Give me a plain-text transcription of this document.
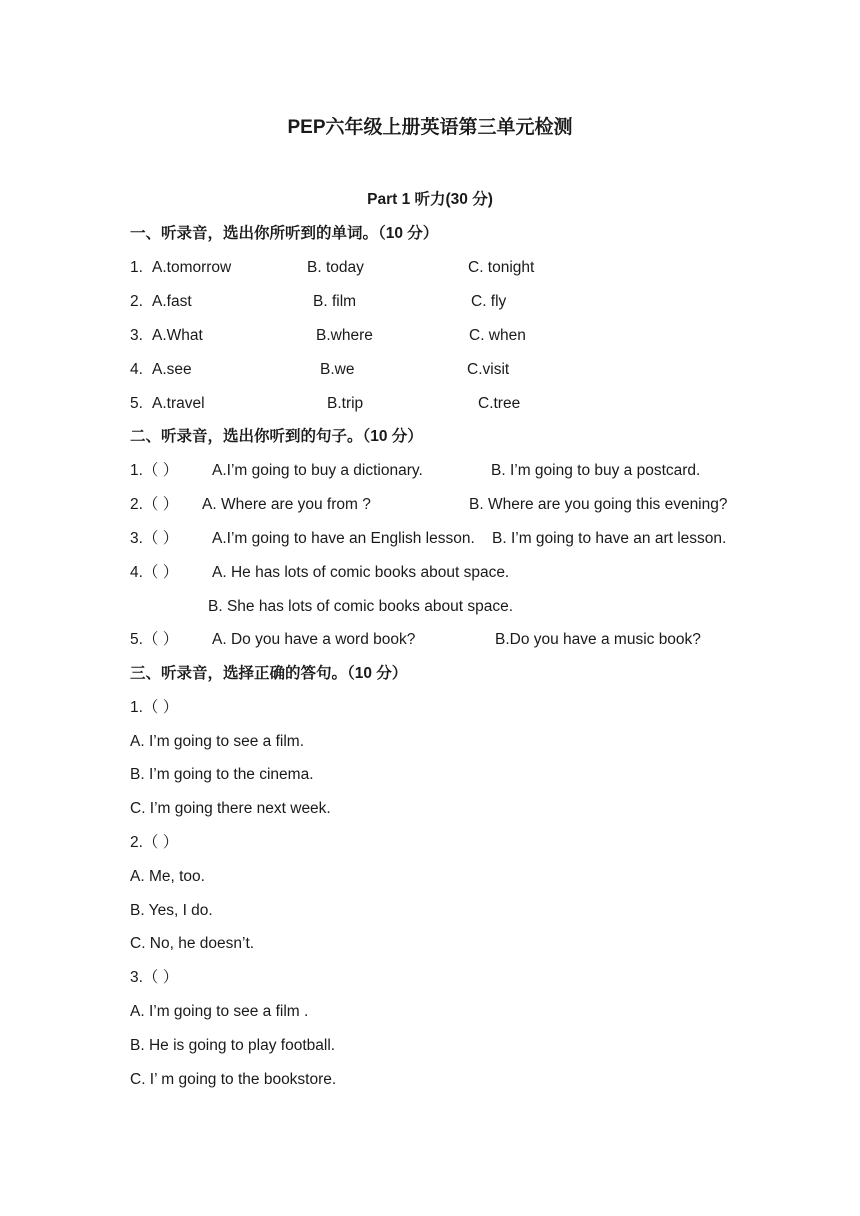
PEP六年级上册英语第三单元检测
Part 1 听力(30 分)
一、听录音，选出你所听到的单词。（10 分）
1. A.tomorrow	B. today	C. tonight
2. A.fast	B. film	C. fly
3. A.What	B.where	C. when
4. A.see	B.we	C.visit
5. A.travel	B.trip	C.tree
二、听录音，选出你听到的句子。（10 分）
1.（ ） A.I’m going to buy a dictionary.	B. I’m going to buy a postcard.
2.（ ） A. Where are you from ?	B. Where are you going this evening?
3.（ ） A.I’m going to have an English lesson. B. I’m going to have an art lesson.
4.（ ） A. He has lots of comic books about space.
B. She has lots of comic books about space.
5.（ ） A. Do you have a word book?	B.Do you have a music book?
三、听录音，选择正确的答句。（10 分）
1.（ ）
A. I’m going to see a film.
B. I’m going to the cinema.
C. I’m going there next week.
2.（ ）
A. Me, too.
B. Yes, I do.
C. No, he doesn’t.
3.（ ）
A. I’m going to see a film .
B. He is going to play football.
C. I’ m going to the bookstore.
